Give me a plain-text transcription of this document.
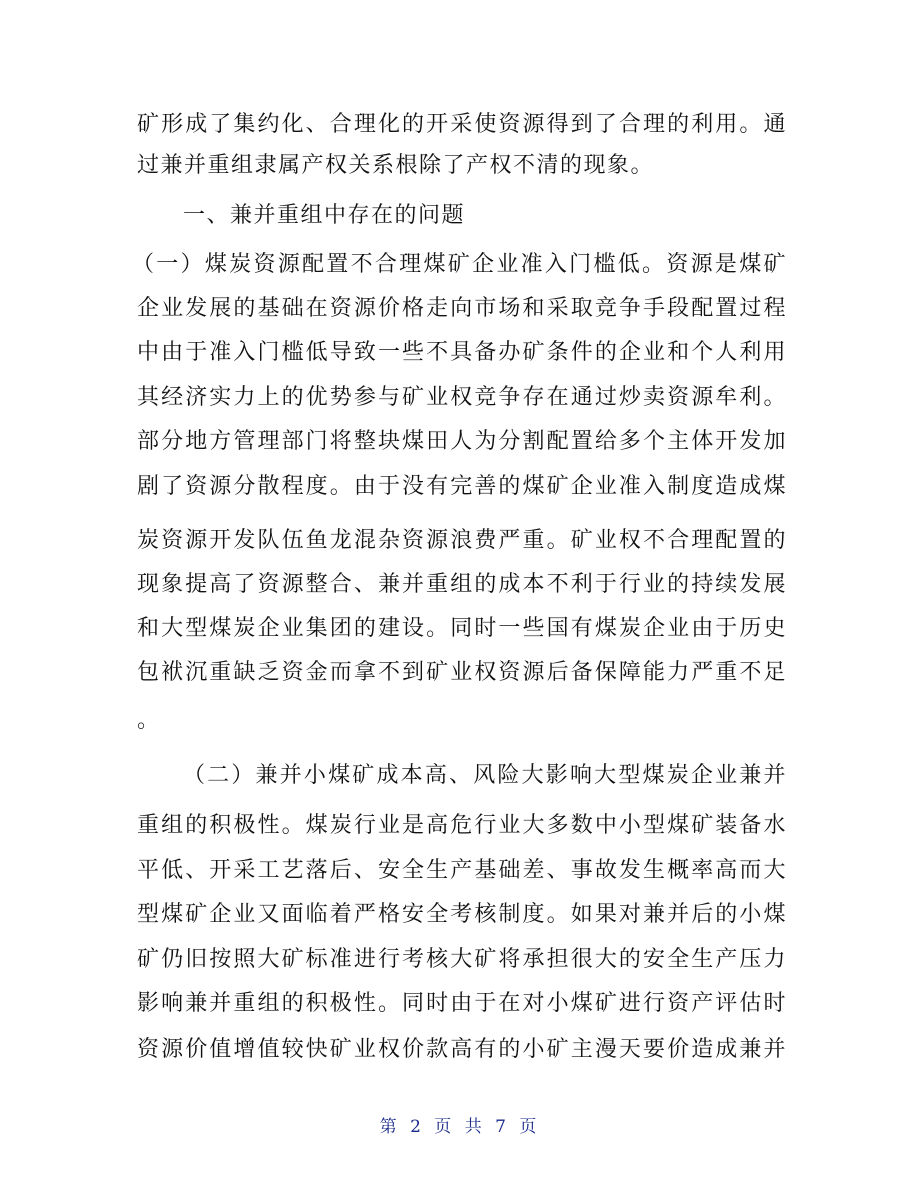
矿形成了集约化、合理化的开采使资源得到了合理的利用。通
过兼并重组隶属产权关系根除了产权不清的现象。
一、兼并重组中存在的问题
（一）煤炭资源配置不合理煤矿企业准入门槛低。资源是煤矿
企业发展的基础在资源价格走向市场和采取竞争手段配置过程
中由于准入门槛低导致一些不具备办矿条件的企业和个人利用
其经济实力上的优势参与矿业权竞争存在通过炒卖资源牟利。
部分地方管理部门将整块煤田人为分割配置给多个主体开发加
剧了资源分散程度。由于没有完善的煤矿企业准入制度造成煤
炭资源开发队伍鱼龙混杂资源浪费严重。矿业权不合理配置的
现象提高了资源整合、兼并重组的成本不利于行业的持续发展
和大型煤炭企业集团的建设。同时一些国有煤炭企业由于历史
包袱沉重缺乏资金而拿不到矿业权资源后备保障能力严重不足
。
（二）兼并小煤矿成本高、风险大影响大型煤炭企业兼并
重组的积极性。煤炭行业是高危行业大多数中小型煤矿装备水
平低、开采工艺落后、安全生产基础差、事故发生概率高而大
型煤矿企业又面临着严格安全考核制度。如果对兼并后的小煤
矿仍旧按照大矿标准进行考核大矿将承担很大的安全生产压力
影响兼并重组的积极性。同时由于在对小煤矿进行资产评估时
资源价值增值较快矿业权价款高有的小矿主漫天要价造成兼并
第 2 页 共 7 页
